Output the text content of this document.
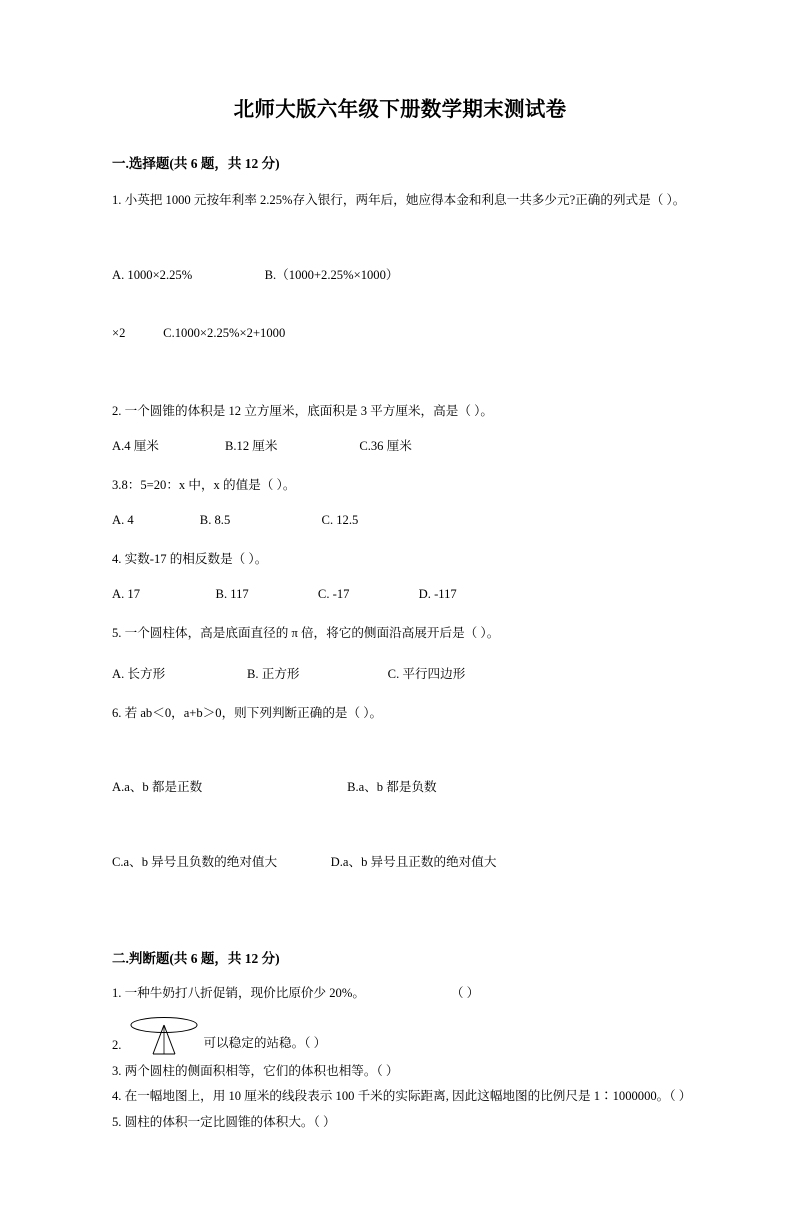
北师大版六年级下册数学期末测试卷
一.选择题(共 6 题，共 12 分)
1. 小英把 1000 元按年利率 2.25%存入银行，两年后，她应得本金和利息一共多少元?正确的列式是（ ）。

A. 1000×2.25%                       B.（1000+2.25%×1000）

×2            C.1000×2.25%×2+1000

2. 一个圆锥的体积是 12 立方厘米，底面积是 3 平方厘米，高是（ ）。
A.4 厘米                     B.12 厘米                          C.36 厘米
3.8：5=20：x 中，x 的值是（ ）。
A. 4                     B. 8.5                             C. 12.5
4. 实数-17 的相反数是（ ）。
A. 17                        B. 117                      C. -17                      D. -117
5. 一个圆柱体，高是底面直径的 π 倍，将它的侧面沿高展开后是（ ）。
A. 长方形                          B. 正方形                            C. 平行四边形
6. 若 ab＜0，a+b＞0，则下列判断正确的是（ ）。

A.a、b 都是正数                                              B.a、b 都是负数

C.a、b 异号且负数的绝对值大                 D.a、b 异号且正数的绝对值大

二.判断题(共 6 题，共 12 分)
1. 一种牛奶打八折促销，现价比原价少 20%。	（ ）
2.	可以稳定的站稳。（ ）
3. 两个圆柱的侧面积相等，它们的体积也相等。（ ）
4. 在一幅地图上，用 10 厘米的线段表示 100 千米的实际距离, 因此这幅地图的比例尺是 1∶1000000。（ ）
5. 圆柱的体积一定比圆锥的体积大。（ ）
